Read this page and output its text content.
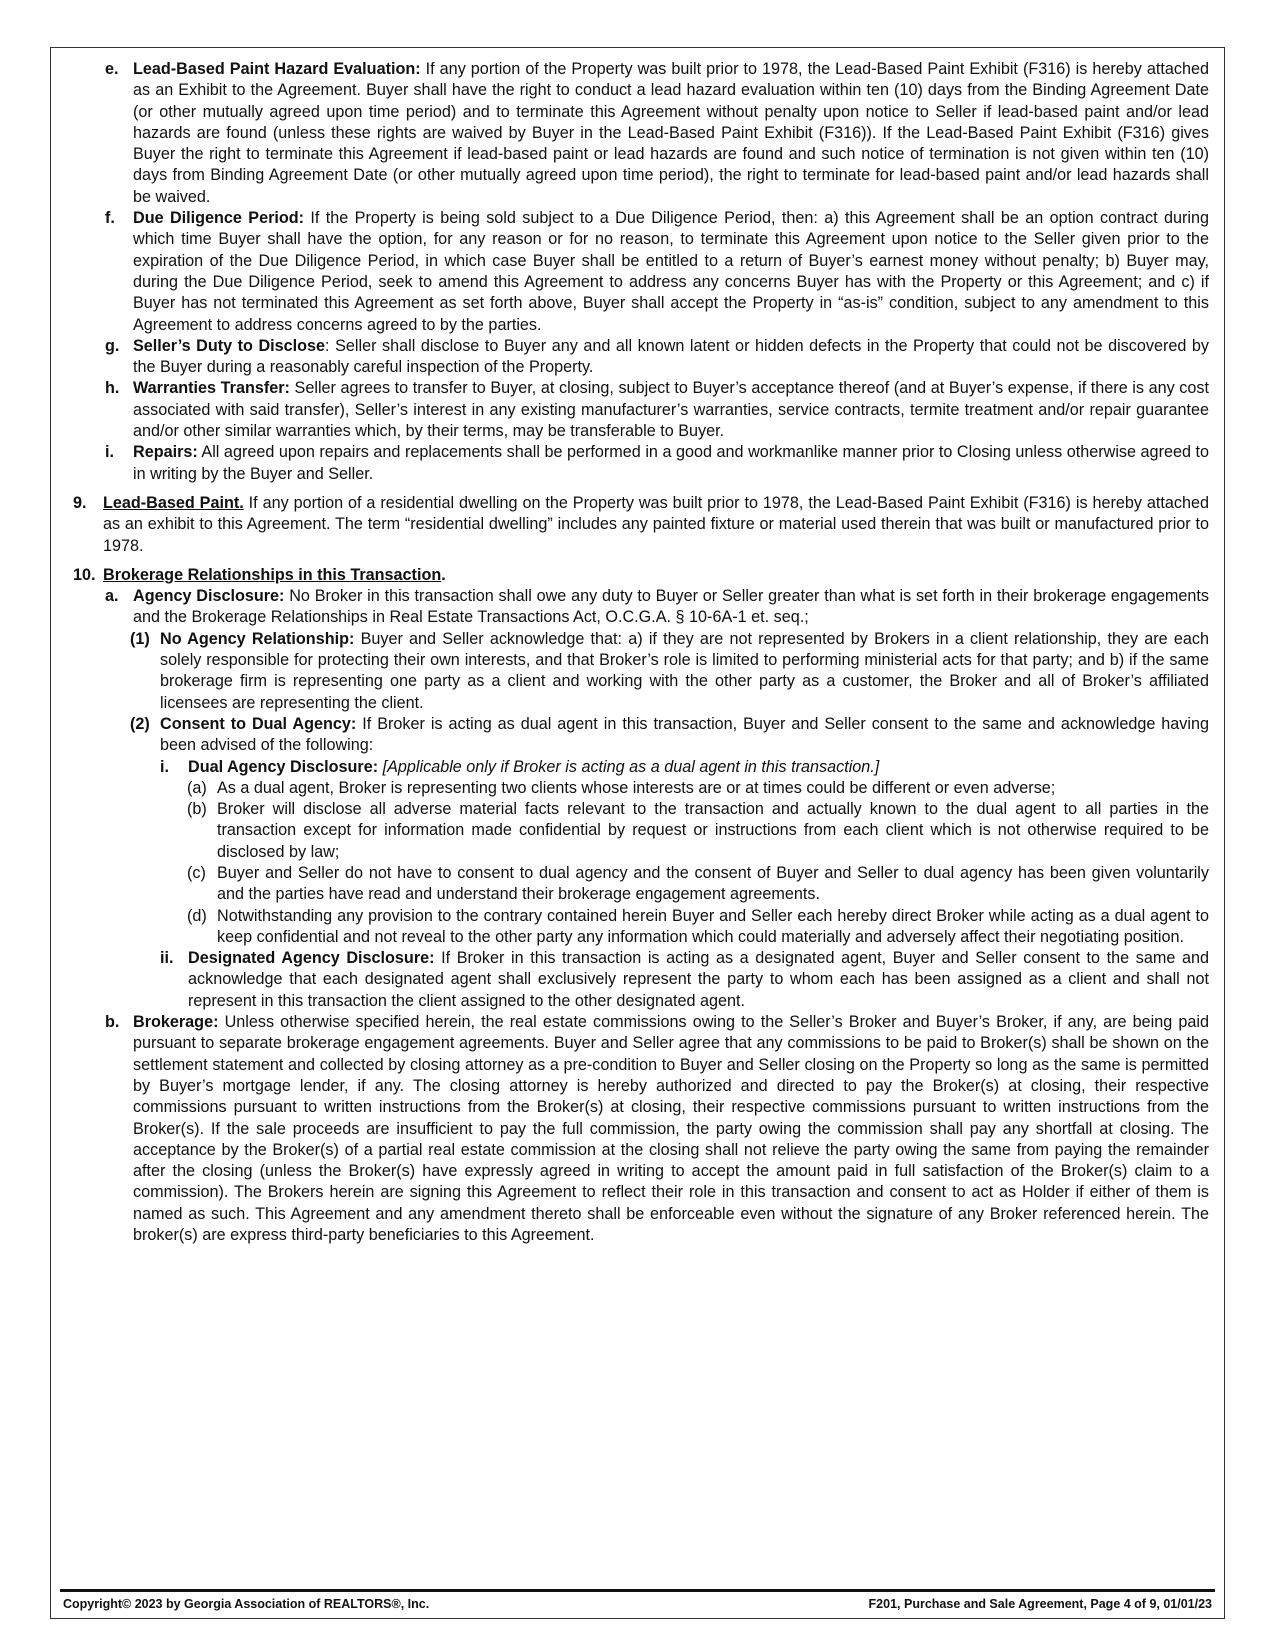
e. Lead-Based Paint Hazard Evaluation: If any portion of the Property was built prior to 1978, the Lead-Based Paint Exhibit (F316) is hereby attached as an Exhibit to the Agreement. Buyer shall have the right to conduct a lead hazard evaluation within ten (10) days from the Binding Agreement Date (or other mutually agreed upon time period) and to terminate this Agreement without penalty upon notice to Seller if lead-based paint and/or lead hazards are found (unless these rights are waived by Buyer in the Lead-Based Paint Exhibit (F316)). If the Lead-Based Paint Exhibit (F316) gives Buyer the right to terminate this Agreement if lead-based paint or lead hazards are found and such notice of termination is not given within ten (10) days from Binding Agreement Date (or other mutually agreed upon time period), the right to terminate for lead-based paint and/or lead hazards shall be waived.
f.	Due Diligence Period: If the Property is being sold subject to a Due Diligence Period, then: a) this Agreement shall be an option contract during which time Buyer shall have the option, for any reason or for no reason, to terminate this Agreement upon notice to the Seller given prior to the expiration of the Due Diligence Period, in which case Buyer shall be entitled to a return of Buyer’s earnest money without penalty; b) Buyer may, during the Due Diligence Period, seek to amend this Agreement to address any concerns Buyer has with the Property or this Agreement; and c) if Buyer has not terminated this Agreement as set forth above, Buyer shall accept the Property in “as-is” condition, subject to any amendment to this Agreement to address concerns agreed to by the parties.
g. Seller’s Duty to Disclose: Seller shall disclose to Buyer any and all known latent or hidden defects in the Property that could not be discovered by the Buyer during a reasonably careful inspection of the Property.
h. Warranties Transfer: Seller agrees to transfer to Buyer, at closing, subject to Buyer’s acceptance thereof (and at Buyer’s expense, if there is any cost associated with said transfer), Seller’s interest in any existing manufacturer’s warranties, service contracts, termite treatment and/or repair guarantee and/or other similar warranties which, by their terms, may be transferable to Buyer.
i.	Repairs: All agreed upon repairs and replacements shall be performed in a good and workmanlike manner prior to Closing unless otherwise agreed to in writing by the Buyer and Seller.
9.	Lead-Based Paint. If any portion of a residential dwelling on the Property was built prior to 1978, the Lead-Based Paint Exhibit (F316) is hereby attached as an exhibit to this Agreement. The term “residential dwelling” includes any painted fixture or material used therein that was built or manufactured prior to 1978.
10. Brokerage Relationships in this Transaction.
a. Agency Disclosure: No Broker in this transaction shall owe any duty to Buyer or Seller greater than what is set forth in their brokerage engagements and the Brokerage Relationships in Real Estate Transactions Act, O.C.G.A. § 10-6A-1 et. seq.;
(1) No Agency Relationship: Buyer and Seller acknowledge that: a) if they are not represented by Brokers in a client relationship, they are each solely responsible for protecting their own interests, and that Broker’s role is limited to performing ministerial acts for that party; and b) if the same brokerage firm is representing one party as a client and working with the other party as a customer, the Broker and all of Broker’s affiliated licensees are representing the client.
(2) Consent to Dual Agency: If Broker is acting as dual agent in this transaction, Buyer and Seller consent to the same and acknowledge having been advised of the following:
i.	Dual Agency Disclosure: [Applicable only if Broker is acting as a dual agent in this transaction.]
(a) As a dual agent, Broker is representing two clients whose interests are or at times could be different or even adverse;
(b) Broker will disclose all adverse material facts relevant to the transaction and actually known to the dual agent to all parties in the transaction except for information made confidential by request or instructions from each client which is not otherwise required to be disclosed by law;
(c) Buyer and Seller do not have to consent to dual agency and the consent of Buyer and Seller to dual agency has been given voluntarily and the parties have read and understand their brokerage engagement agreements.
(d) Notwithstanding any provision to the contrary contained herein Buyer and Seller each hereby direct Broker while acting as a dual agent to keep confidential and not reveal to the other party any information which could materially and adversely affect their negotiating position.
ii. Designated Agency Disclosure: If Broker in this transaction is acting as a designated agent, Buyer and Seller consent to the same and acknowledge that each designated agent shall exclusively represent the party to whom each has been assigned as a client and shall not represent in this transaction the client assigned to the other designated agent.
b. Brokerage: Unless otherwise specified herein, the real estate commissions owing to the Seller’s Broker and Buyer’s Broker, if any, are being paid pursuant to separate brokerage engagement agreements. Buyer and Seller agree that any commissions to be paid to Broker(s) shall be shown on the settlement statement and collected by closing attorney as a pre-condition to Buyer and Seller closing on the Property so long as the same is permitted by Buyer’s mortgage lender, if any. The closing attorney is hereby authorized and directed to pay the Broker(s) at closing, their respective commissions pursuant to written instructions from the Broker(s) at closing, their respective commissions pursuant to written instructions from the Broker(s). If the sale proceeds are insufficient to pay the full commission, the party owing the commission shall pay any shortfall at closing. The acceptance by the Broker(s) of a partial real estate commission at the closing shall not relieve the party owing the same from paying the remainder after the closing (unless the Broker(s) have expressly agreed in writing to accept the amount paid in full satisfaction of the Broker(s) claim to a commission). The Brokers herein are signing this Agreement to reflect their role in this transaction and consent to act as Holder if either of them is named as such. This Agreement and any amendment thereto shall be enforceable even without the signature of any Broker referenced herein. The broker(s) are express third-party beneficiaries to this Agreement.
Copyright© 2023 by Georgia Association of REALTORS®, Inc.	F201, Purchase and Sale Agreement, Page 4 of 9, 01/01/23
